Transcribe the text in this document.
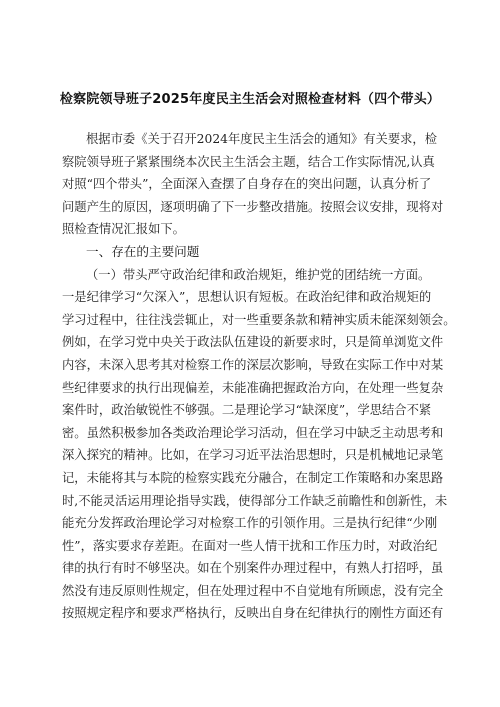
检察院领导班子2025年度民主生活会对照检查材料（四个带头）
根据市委《关于召开2024年度民主生活会的通知》有关要求，检
察院领导班子紧紧围绕本次民主生活会主题，结合工作实际情况,认真
对照“四个带头”，全面深入查摆了自身存在的突出问题，认真分析了
问题产生的原因，逐项明确了下一步整改措施。按照会议安排，现将对
照检查情况汇报如下。
一、存在的主要问题
（一）带头严守政治纪律和政治规矩，维护党的团结统一方面。
一是纪律学习“欠深入”，思想认识有短板。在政治纪律和政治规矩的
学习过程中，往往浅尝辄止，对一些重要条款和精神实质未能深刻领会。
例如，在学习党中央关于政法队伍建设的新要求时，只是简单浏览文件
内容，未深入思考其对检察工作的深层次影响，导致在实际工作中对某
些纪律要求的执行出现偏差，未能准确把握政治方向，在处理一些复杂
案件时，政治敏锐性不够强。二是理论学习“缺深度”，学思结合不紧
密。虽然积极参加各类政治理论学习活动，但在学习中缺乏主动思考和
深入探究的精神。比如，在学习习近平法治思想时，只是机械地记录笔
记，未能将其与本院的检察实践充分融合，在制定工作策略和办案思路
时,不能灵活运用理论指导实践，使得部分工作缺乏前瞻性和创新性，未
能充分发挥政治理论学习对检察工作的引领作用。三是执行纪律“少刚
性”，落实要求存差距。在面对一些人情干扰和工作压力时，对政治纪
律的执行有时不够坚决。如在个别案件办理过程中，有熟人打招呼，虽
然没有违反原则性规定，但在处理过程中不自觉地有所顾虑，没有完全
按照规定程序和要求严格执行，反映出自身在纪律执行的刚性方面还有
